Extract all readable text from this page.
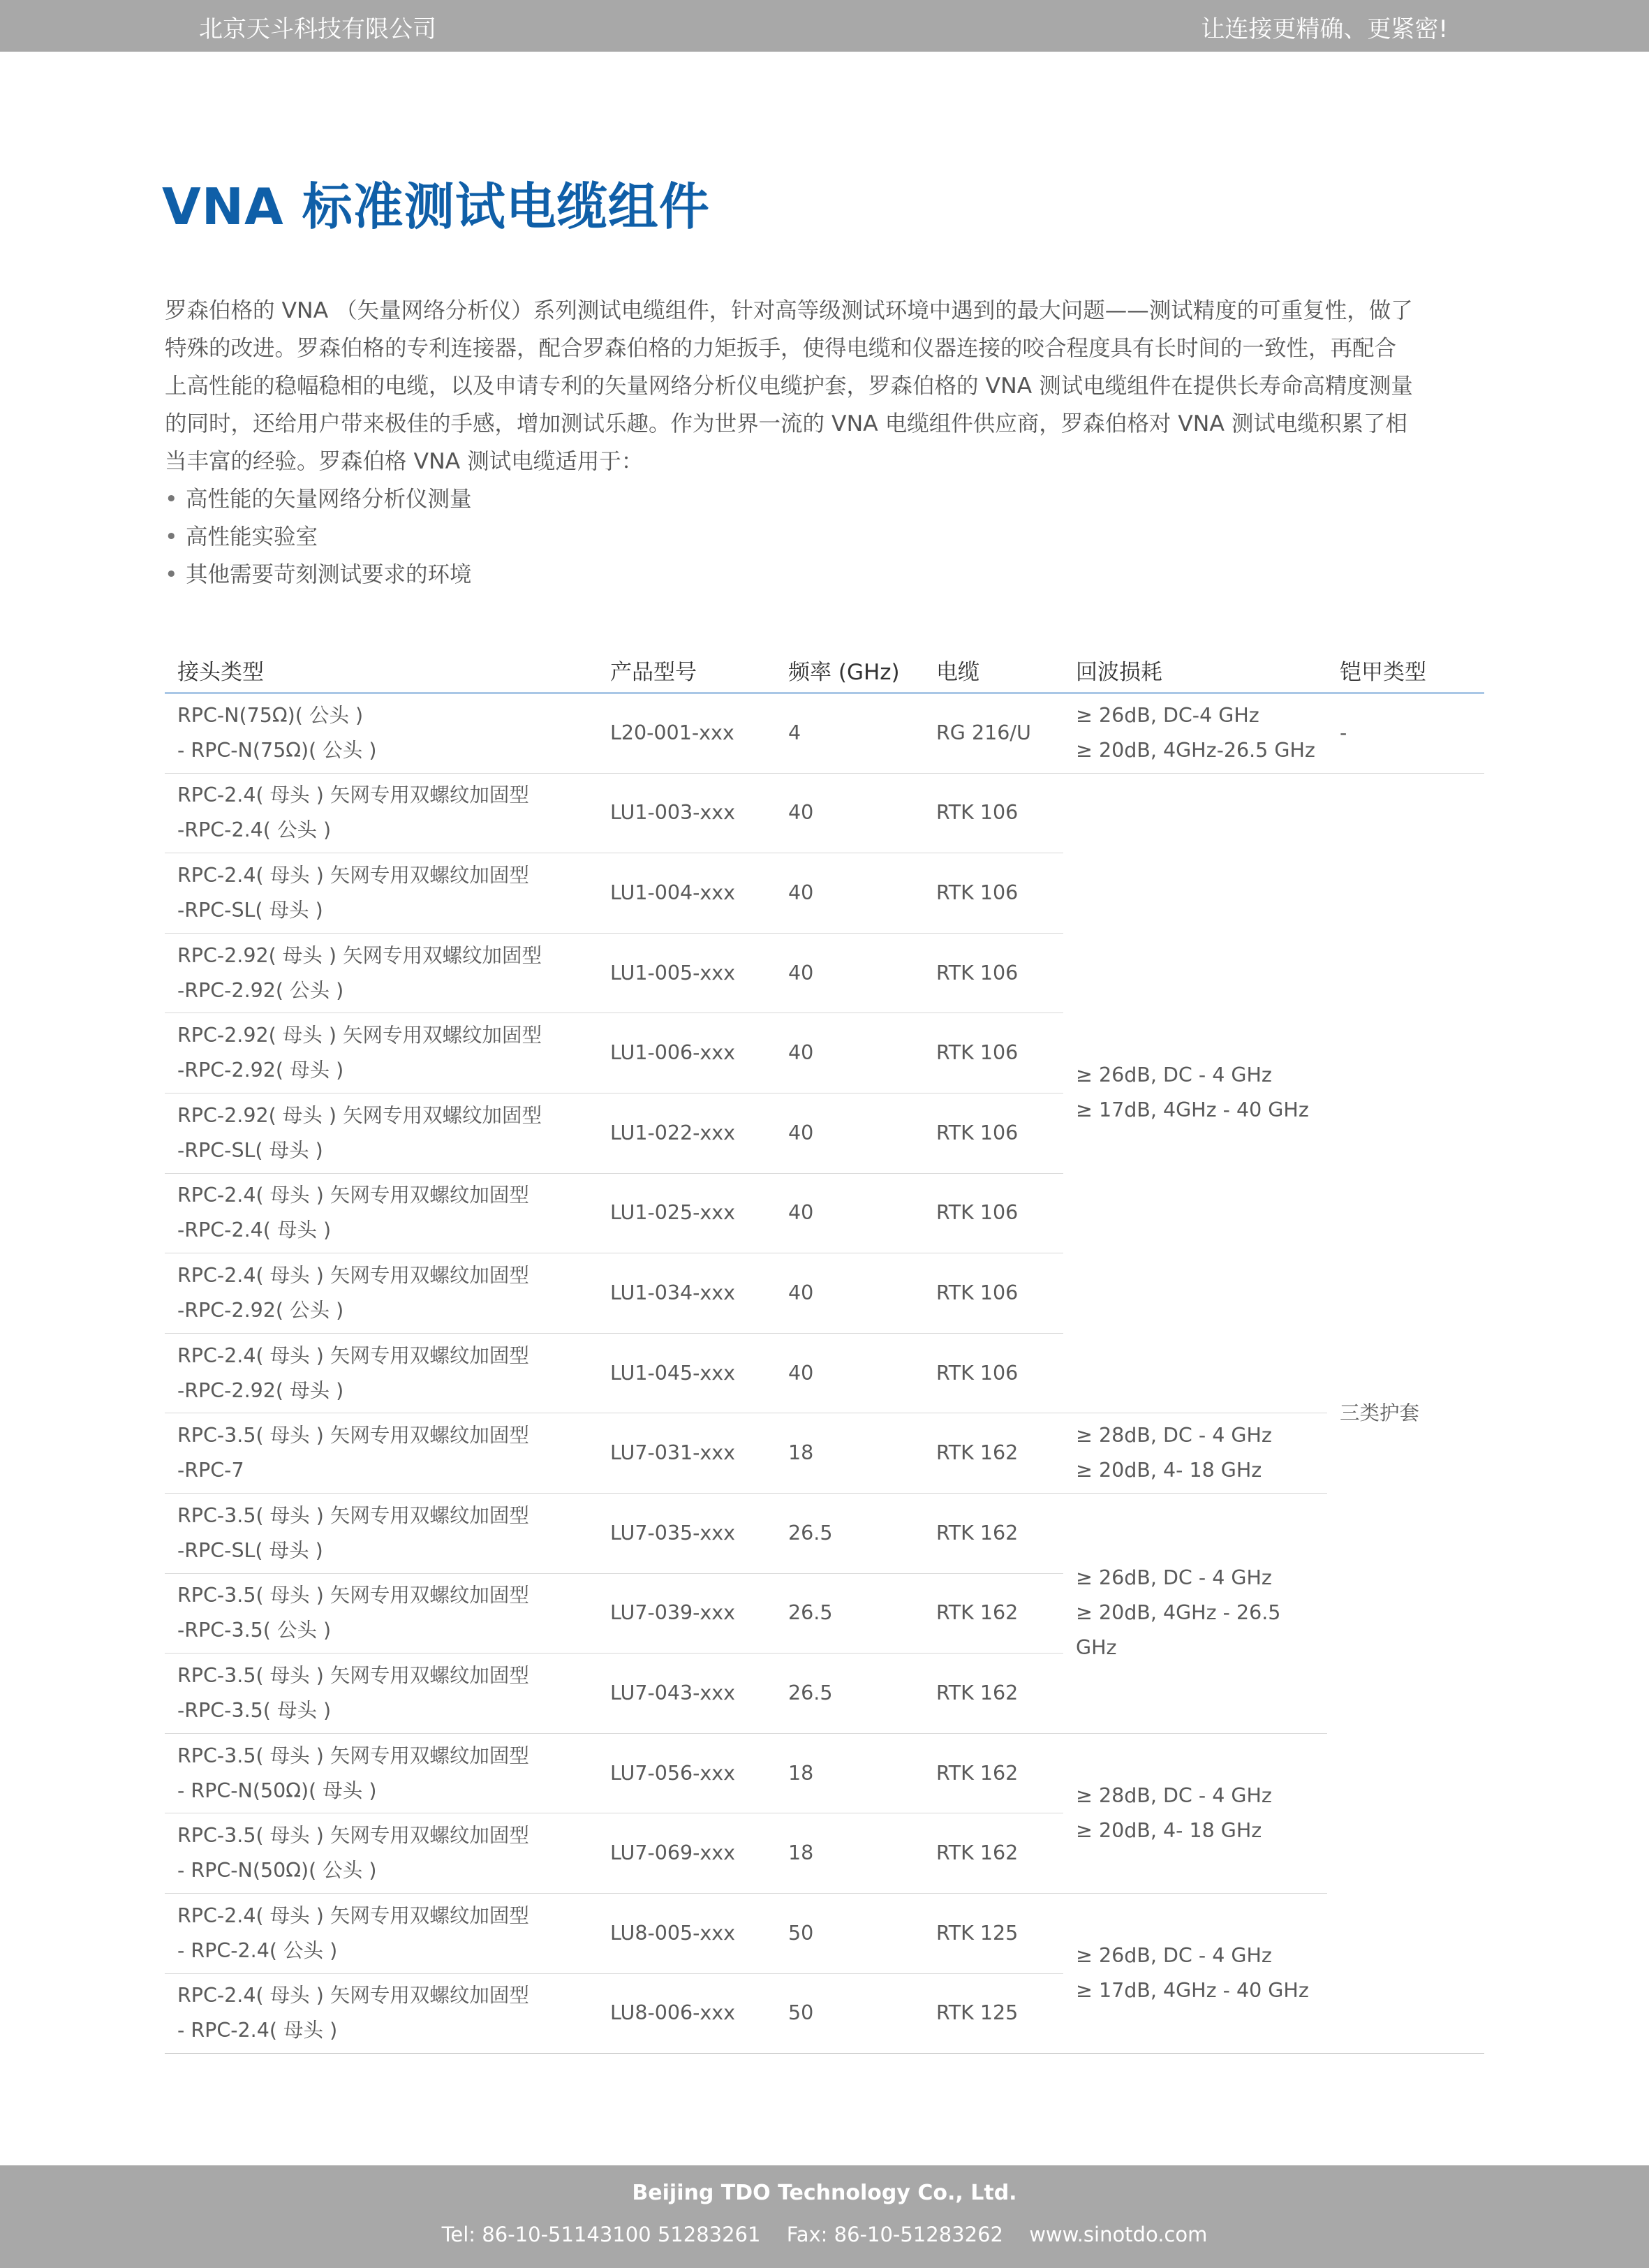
北京天斗科技有限公司	让连接更精确、更紧密!
VNA 标准测试电缆组件

罗森伯格的 VNA （矢量网络分析仪）系列测试电缆组件，针对高等级测试环境中遇到的最大问题——测试精度的可重复性，做了
特殊的改进。罗森伯格的专利连接器，配合罗森伯格的力矩扳手，使得电缆和仪器连接的咬合程度具有长时间的一致性，再配合
上高性能的稳幅稳相的电缆，以及申请专利的矢量网络分析仪电缆护套，罗森伯格的 VNA 测试电缆组件在提供长寿命高精度测量
的同时，还给用户带来极佳的手感，增加测试乐趣。作为世界一流的 VNA 电缆组件供应商，罗森伯格对 VNA 测试电缆积累了相
当丰富的经验。罗森伯格 VNA 测试电缆适用于：

• 高性能的矢量网络分析仪测量
• 高性能实验室
• 其他需要苛刻测试要求的环境
接头类型	产品型号	频率 (GHz)	电缆	回波损耗	铠甲类型
RPC-N(75Ω)( 公头 )
- RPC-N(75Ω)( 公头 )	L20-001-xxx	4	RG 216/U	≥ 26dB, DC-4 GHz
≥ 20dB, 4GHz-26.5 GHz	-
RPC-2.4( 母头 ) 矢网专用双螺纹加固型
-RPC-2.4( 公头 )	LU1-003-xxx	40	RTK 106	≥ 26dB, DC - 4 GHz
≥ 17dB, 4GHz - 40 GHz	三类护套
RPC-2.4( 母头 ) 矢网专用双螺纹加固型
-RPC-SL( 母头 )	LU1-004-xxx	40	RTK 106		
RPC-2.92( 母头 ) 矢网专用双螺纹加固型
-RPC-2.92( 公头 )	LU1-005-xxx	40	RTK 106		
RPC-2.92( 母头 ) 矢网专用双螺纹加固型
-RPC-2.92( 母头 )	LU1-006-xxx	40	RTK 106		
RPC-2.92( 母头 ) 矢网专用双螺纹加固型
-RPC-SL( 母头 )	LU1-022-xxx	40	RTK 106		
RPC-2.4( 母头 ) 矢网专用双螺纹加固型
-RPC-2.4( 母头 )	LU1-025-xxx	40	RTK 106		
RPC-2.4( 母头 ) 矢网专用双螺纹加固型
-RPC-2.92( 公头 )	LU1-034-xxx	40	RTK 106		
RPC-2.4( 母头 ) 矢网专用双螺纹加固型
-RPC-2.92( 母头 )	LU1-045-xxx	40	RTK 106		
RPC-3.5( 母头 ) 矢网专用双螺纹加固型
-RPC-7	LU7-031-xxx	18	RTK 162	≥ 28dB, DC - 4 GHz
≥ 20dB, 4- 18 GHz	
RPC-3.5( 母头 ) 矢网专用双螺纹加固型
-RPC-SL( 母头 )	LU7-035-xxx	26.5	RTK 162	≥ 26dB, DC - 4 GHz
≥ 20dB, 4GHz - 26.5 GHz	
RPC-3.5( 母头 ) 矢网专用双螺纹加固型
-RPC-3.5( 公头 )	LU7-039-xxx	26.5	RTK 162		
RPC-3.5( 母头 ) 矢网专用双螺纹加固型
-RPC-3.5( 母头 )	LU7-043-xxx	26.5	RTK 162		
RPC-3.5( 母头 ) 矢网专用双螺纹加固型
- RPC-N(50Ω)( 母头 )	LU7-056-xxx	18	RTK 162	≥ 28dB, DC - 4 GHz
≥ 20dB, 4- 18 GHz	
RPC-3.5( 母头 ) 矢网专用双螺纹加固型
- RPC-N(50Ω)( 公头 )	LU7-069-xxx	18	RTK 162		
RPC-2.4( 母头 ) 矢网专用双螺纹加固型
- RPC-2.4( 公头 )	LU8-005-xxx	50	RTK 125	≥ 26dB, DC - 4 GHz
≥ 17dB, 4GHz - 40 GHz	
RPC-2.4( 母头 ) 矢网专用双螺纹加固型
- RPC-2.4( 母头 )	LU8-006-xxx	50	RTK 125		
Beijing TDO Technology Co., Ltd.
Tel: 86-10-51143100 51283261 Fax: 86-10-51283262 www.sinotdo.com
